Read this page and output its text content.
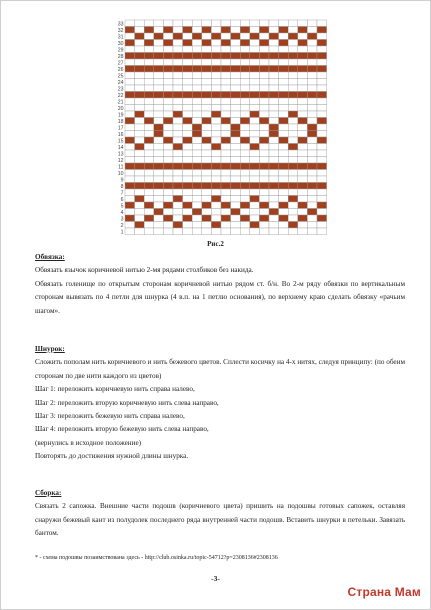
33
32
31
30
29
28
27
26
25
24
23
22
21
20
19
18
17
16
15
14
13
12
11
10
9
8
7
6
5
4
3
2
1
Рис.2
Обвязка:
Обвязать язычок коричневой нитью 2-мя рядами столбиков без накида.
Обвязать голенище по открытым сторонам коричневой нитью рядом ст. б/н. Во 2-м ряду обвязки по вертикальным сторонам вывязать по 4 петли для шнурка (4 в.п. на 1 петлю основания), по верхнему краю сделать обвязку «рачьим шагом».
Шнурок:
Сложить пополам нить коричневого и нить бежевого цветов. Сплести косичку на 4-х нитях, следуя принципу: (по обеим сторонам по две нити каждого из цветов)
Шаг 1: переложить коричневую нить справа налево,
Шаг 2: переложить вторую коричневую нить слева направо,
Шаг 3: переложить бежевую нить справа налево,
Шаг 4: переложить вторую бежевую нить слева направо,
(вернулись в исходное положение)
Повторять до достижения нужной длины шнурка.
Сборка:
Связать 2 сапожка. Внешние части подошв (коричневого цвета) пришить на подошвы готовых сапожек, оставляя снаружи бежевый кант из полудолек последнего ряда внутренней части подошв. Вставить шнурки в петельки. Завязать бантом.
* - схема подошвы позаимствована здесь - http://club.osinka.ru/topic-54712?p=2308136#2308136
-3-
Страна Мам
